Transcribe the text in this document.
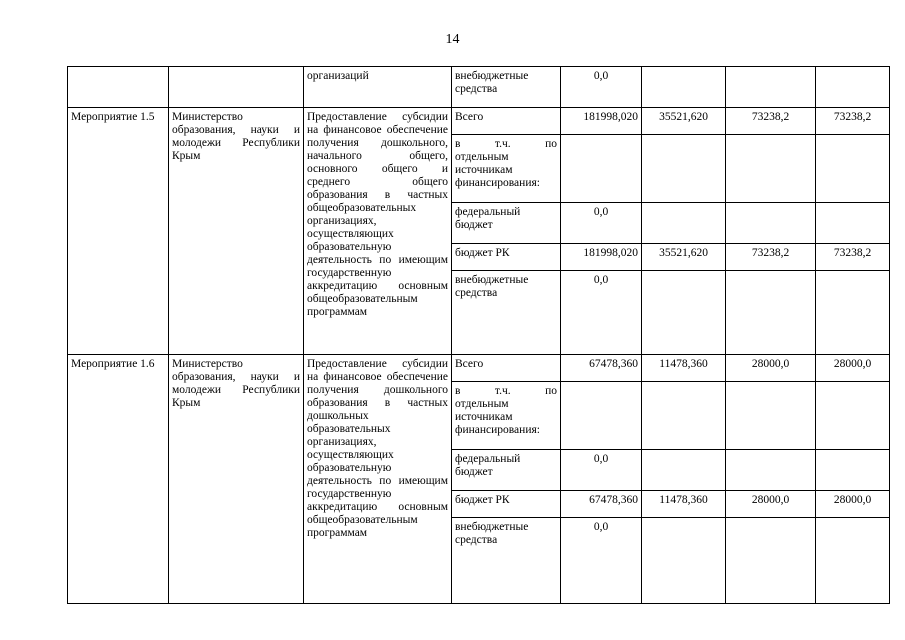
14
		организаций	внебюджетные средства	0,0			
Мероприятие 1.5	Министерство образования, науки и молодежи Республики Крым	Предоставление субсидии на финансовое обеспечение получения дошкольного, начального общего, основного общего и среднего общего образования в частных общеобразовательных организациях, осуществляющих образовательную деятельность по имеющим государственную аккредитацию основным общеобразовательным программам	Всего	181998,020	35521,620	73238,2	73238,2

			в т.ч. по
отдельным источникам финансирования:				

			федеральный бюджет	0,0			
			бюджет РК	181998,020	35521,620	73238,2	73238,2
			внебюджетные средства	0,0			
Мероприятие 1.6	Министерство образования, науки и молодежи Республики Крым	Предоставление субсидии на финансовое обеспечение получения дошкольного образования в частных дошкольных образовательных организациях, осуществляющих образовательную деятельность по имеющим государственную аккредитацию основным общеобразовательным программам	Всего	67478,360	11478,360	28000,0	28000,0

			в т.ч. по
отдельным источникам финансирования:				

			федеральный бюджет	0,0			
			бюджет РК	67478,360	11478,360	28000,0	28000,0
			внебюджетные средства	0,0			
